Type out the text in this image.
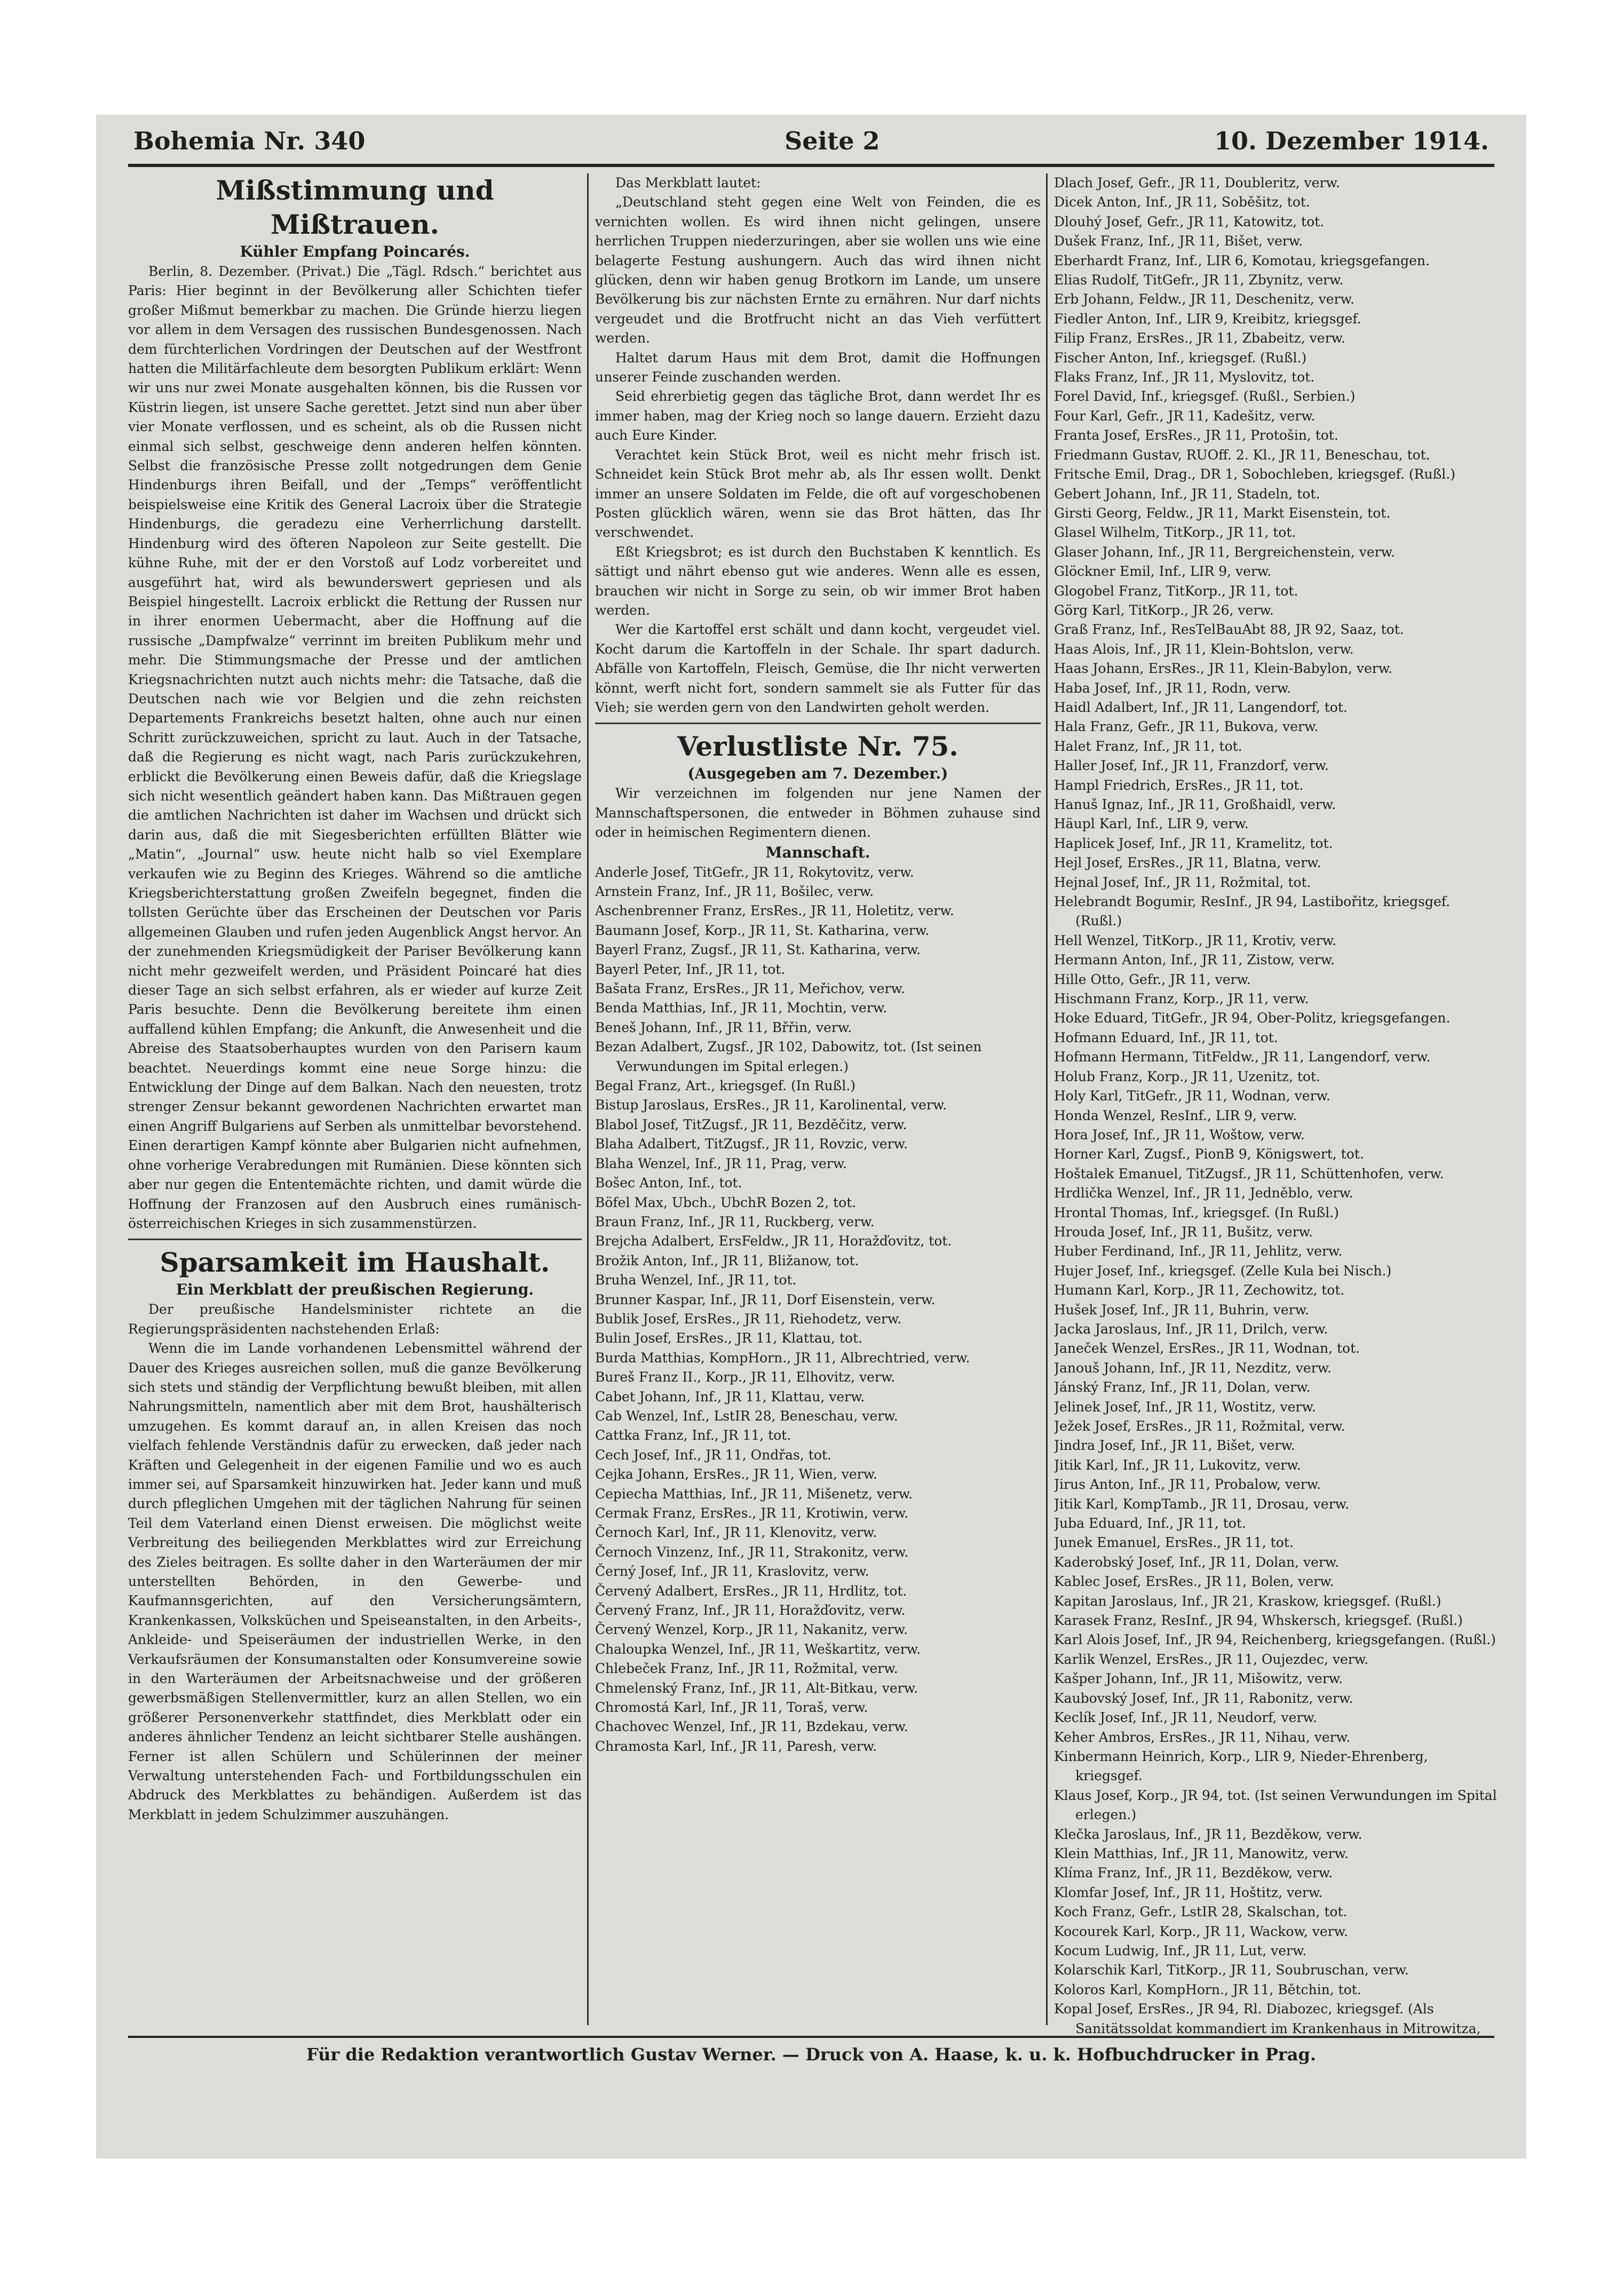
Bohemia Nr. 340	Seite 2	10. Dezember 1914.

Mißstimmung und Mißtrauen.

Kühler Empfang Poincarés.

Berlin, 8. Dezember. (Privat.) Die „Tägl. Rdsch.“ berichtet aus Paris: Hier beginnt in der Bevölkerung aller Schichten tiefer großer Mißmut bemerkbar zu machen. Die Gründe hierzu liegen vor allem in dem Versagen des russischen Bundesgenossen. Nach dem fürchterlichen Vordringen der Deutschen auf der Westfront hatten die Militärfachleute dem besorgten Publikum erklärt: Wenn wir uns nur zwei Monate ausgehalten können, bis die Russen vor Küstrin liegen, ist unsere Sache gerettet. Jetzt sind nun aber über vier Monate verflossen, und es scheint, als ob die Russen nicht einmal sich selbst, geschweige denn anderen helfen könnten. Selbst die französische Presse zollt notgedrungen dem Genie Hindenburgs ihren Beifall, und der „Temps“ veröffentlicht beispielsweise eine Kritik des General Lacroix über die Strategie Hindenburgs, die geradezu eine Verherrlichung darstellt. Hindenburg wird des öfteren Napoleon zur Seite gestellt. Die kühne Ruhe, mit der er den Vorstoß auf Lodz vorbereitet und ausgeführt hat, wird als bewunderswert gepriesen und als Beispiel hingestellt. Lacroix erblickt die Rettung der Russen nur in ihrer enormen Uebermacht, aber die Hoffnung auf die russische „Dampfwalze“ verrinnt im breiten Publikum mehr und mehr. Die Stimmungsmache der Presse und der amtlichen Kriegsnachrichten nutzt auch nichts mehr: die Tatsache, daß die Deutschen nach wie vor Belgien und die zehn reichsten Departements Frankreichs besetzt halten, ohne auch nur einen Schritt zurückzuweichen, spricht zu laut. Auch in der Tatsache, daß die Regierung es nicht wagt, nach Paris zurückzukehren, erblickt die Bevölkerung einen Beweis dafür, daß die Kriegslage sich nicht wesentlich geändert haben kann. Das Mißtrauen gegen die amtlichen Nachrichten ist daher im Wachsen und drückt sich darin aus, daß die mit Siegesberichten erfüllten Blätter wie „Matin“, „Journal“ usw. heute nicht halb so viel Exemplare verkaufen wie zu Beginn des Krieges. Während so die amtliche Kriegsberichterstattung großen Zweifeln begegnet, finden die tollsten Gerüchte über das Erscheinen der Deutschen vor Paris allgemeinen Glauben und rufen jeden Augenblick Angst hervor. An der zunehmenden Kriegsmüdigkeit der Pariser Bevölkerung kann nicht mehr gezweifelt werden, und Präsident Poincaré hat dies dieser Tage an sich selbst erfahren, als er wieder auf kurze Zeit Paris besuchte. Denn die Bevölkerung bereitete ihm einen auffallend kühlen Empfang; die Ankunft, die Anwesenheit und die Abreise des Staatsoberhauptes wurden von den Parisern kaum beachtet. Neuerdings kommt eine neue Sorge hinzu: die Entwicklung der Dinge auf dem Balkan. Nach den neuesten, trotz strenger Zensur bekannt gewordenen Nachrichten erwartet man einen Angriff Bulgariens auf Serben als unmittelbar bevorstehend. Einen derartigen Kampf könnte aber Bulgarien nicht aufnehmen, ohne vorherige Verabredungen mit Rumänien. Diese könnten sich aber nur gegen die Ententemächte richten, und damit würde die Hoffnung der Franzosen auf den Ausbruch eines rumänisch-österreichischen Krieges in sich zusammenstürzen.

Sparsamkeit im Haushalt.

Ein Merkblatt der preußischen Regierung.

Der preußische Handelsminister richtete an die Regierungspräsidenten nachstehenden Erlaß:

Wenn die im Lande vorhandenen Lebensmittel während der Dauer des Krieges ausreichen sollen, muß die ganze Bevölkerung sich stets und ständig der Verpflichtung bewußt bleiben, mit allen Nahrungsmitteln, namentlich aber mit dem Brot, haushälterisch umzugehen. Es kommt darauf an, in allen Kreisen das noch vielfach fehlende Verständnis dafür zu erwecken, daß jeder nach Kräften und Gelegenheit in der eigenen Familie und wo es auch immer sei, auf Sparsamkeit hinzuwirken hat. Jeder kann und muß durch pfleglichen Umgehen mit der täglichen Nahrung für seinen Teil dem Vaterland einen Dienst erweisen. Die möglichst weite Verbreitung des beiliegenden Merkblattes wird zur Erreichung des Zieles beitragen. Es sollte daher in den Warteräumen der mir unterstellten Behörden, in den Gewerbe- und Kaufmannsgerichten, auf den Versicherungsämtern, Krankenkassen, Volksküchen und Speiseanstalten, in den Arbeits-, Ankleide- und Speiseräumen der industriellen Werke, in den Verkaufsräumen der Konsumanstalten oder Konsumvereine sowie in den Warteräumen der Arbeitsnachweise und der größeren gewerbsmäßigen Stellenvermittler, kurz an allen Stellen, wo ein größerer Personenverkehr stattfindet, dies Merkblatt oder ein anderes ähnlicher Tendenz an leicht sichtbarer Stelle aushängen. Ferner ist allen Schülern und Schülerinnen der meiner Verwaltung unterstehenden Fach- und Fortbildungsschulen ein Abdruck des Merkblattes zu behändigen. Außerdem ist das Merkblatt in jedem Schulzimmer auszuhängen.

Das Merkblatt lautet:

„Deutschland steht gegen eine Welt von Feinden, die es vernichten wollen. Es wird ihnen nicht gelingen, unsere herrlichen Truppen niederzuringen, aber sie wollen uns wie eine belagerte Festung aushungern. Auch das wird ihnen nicht glücken, denn wir haben genug Brotkorn im Lande, um unsere Bevölkerung bis zur nächsten Ernte zu ernähren. Nur darf nichts vergeudet und die Brotfrucht nicht an das Vieh verfüttert werden.

Haltet darum Haus mit dem Brot, damit die Hoffnungen unserer Feinde zuschanden werden.

Seid ehrerbietig gegen das tägliche Brot, dann werdet Ihr es immer haben, mag der Krieg noch so lange dauern. Erzieht dazu auch Eure Kinder.

Verachtet kein Stück Brot, weil es nicht mehr frisch ist. Schneidet kein Stück Brot mehr ab, als Ihr essen wollt. Denkt immer an unsere Soldaten im Felde, die oft auf vorgeschobenen Posten glücklich wären, wenn sie das Brot hätten, das Ihr verschwendet.

Eßt Kriegsbrot; es ist durch den Buchstaben K kenntlich. Es sättigt und nährt ebenso gut wie anderes. Wenn alle es essen, brauchen wir nicht in Sorge zu sein, ob wir immer Brot haben werden.

Wer die Kartoffel erst schält und dann kocht, vergeudet viel. Kocht darum die Kartoffeln in der Schale. Ihr spart dadurch. Abfälle von Kartoffeln, Fleisch, Gemüse, die Ihr nicht verwerten könnt, werft nicht fort, sondern sammelt sie als Futter für das Vieh; sie werden gern von den Landwirten geholt werden.

Verlustliste Nr. 75.

(Ausgegeben am 7. Dezember.)

Wir verzeichnen im folgenden nur jene Namen der Mannschaftspersonen, die entweder in Böhmen zuhause sind oder in heimischen Regimentern dienen.

Mannschaft.

Anderle Josef, TitGefr., JR 11, Rokytovitz, verw.

Arnstein Franz, Inf., JR 11, Bošilec, verw.

Aschenbrenner Franz, ErsRes., JR 11, Holetitz, verw.

Baumann Josef, Korp., JR 11, St. Katharina, verw.

Bayerl Franz, Zugsf., JR 11, St. Katharina, verw.

Bayerl Peter, Inf., JR 11, tot.

Bašata Franz, ErsRes., JR 11, Meřichov, verw.

Benda Matthias, Inf., JR 11, Mochtin, verw.

Beneš Johann, Inf., JR 11, Břřin, verw.

Bezan Adalbert, Zugsf., JR 102, Dabowitz, tot. (Ist seinen Verwundungen im Spital erlegen.)

Begal Franz, Art., kriegsgef. (In Rußl.)

Bistup Jaroslaus, ErsRes., JR 11, Karolinental, verw.

Blabol Josef, TitZugsf., JR 11, Bezděčitz, verw.

Blaha Adalbert, TitZugsf., JR 11, Rovzic, verw.

Blaha Wenzel, Inf., JR 11, Prag, verw.

Bošec Anton, Inf., tot.

Böfel Max, Ubch., UbchR Bozen 2, tot.

Braun Franz, Inf., JR 11, Ruckberg, verw.

Brejcha Adalbert, ErsFeldw., JR 11, Horažďovitz, tot.

Brožik Anton, Inf., JR 11, Bližanow, tot.

Bruha Wenzel, Inf., JR 11, tot.

Brunner Kaspar, Inf., JR 11, Dorf Eisenstein, verw.

Bublik Josef, ErsRes., JR 11, Riehodetz, verw.

Bulin Josef, ErsRes., JR 11, Klattau, tot.

Burda Matthias, KompHorn., JR 11, Albrechtried, verw.

Bureš Franz II., Korp., JR 11, Elhovitz, verw.

Cabet Johann, Inf., JR 11, Klattau, verw.

Cab Wenzel, Inf., LstIR 28, Beneschau, verw.

Cattka Franz, Inf., JR 11, tot.

Cech Josef, Inf., JR 11, Ondřas, tot.

Cejka Johann, ErsRes., JR 11, Wien, verw.

Cepiecha Matthias, Inf., JR 11, Mišenetz, verw.

Cermak Franz, ErsRes., JR 11, Krotiwin, verw.

Černoch Karl, Inf., JR 11, Klenovitz, verw.

Černoch Vinzenz, Inf., JR 11, Strakonitz, verw.

Černý Josef, Inf., JR 11, Kraslovitz, verw.

Červený Adalbert, ErsRes., JR 11, Hrdlitz, tot.

Červený Franz, Inf., JR 11, Horažďovitz, verw.

Červený Wenzel, Korp., JR 11, Nakanitz, verw.

Chaloupka Wenzel, Inf., JR 11, Weškartitz, verw.

Chlebeček Franz, Inf., JR 11, Rožmital, verw.

Chmelenský Franz, Inf., JR 11, Alt-Bitkau, verw.

Chromostá Karl, Inf., JR 11, Toraš, verw.

Chachovec Wenzel, Inf., JR 11, Bzdekau, verw.

Chramosta Karl, Inf., JR 11, Paresh, verw.

Dlach Josef, Gefr., JR 11, Doubleritz, verw.

Dicek Anton, Inf., JR 11, Soběšitz, tot.

Dlouhý Josef, Gefr., JR 11, Katowitz, tot.

Dušek Franz, Inf., JR 11, Bišet, verw.

Eberhardt Franz, Inf., LIR 6, Komotau, kriegsgefangen.

Elias Rudolf, TitGefr., JR 11, Zbynitz, verw.

Erb Johann, Feldw., JR 11, Deschenitz, verw.

Fiedler Anton, Inf., LIR 9, Kreibitz, kriegsgef.

Filip Franz, ErsRes., JR 11, Zbabeitz, verw.

Fischer Anton, Inf., kriegsgef. (Rußl.)

Flaks Franz, Inf., JR 11, Myslovitz, tot.

Forel David, Inf., kriegsgef. (Rußl., Serbien.)

Four Karl, Gefr., JR 11, Kadešitz, verw.

Franta Josef, ErsRes., JR 11, Protošin, tot.

Friedmann Gustav, RUOff. 2. Kl., JR 11, Beneschau, tot.

Fritsche Emil, Drag., DR 1, Sobochleben, kriegsgef. (Rußl.)

Gebert Johann, Inf., JR 11, Stadeln, tot.

Girsti Georg, Feldw., JR 11, Markt Eisenstein, tot.

Glasel Wilhelm, TitKorp., JR 11, tot.

Glaser Johann, Inf., JR 11, Bergreichenstein, verw.

Glöckner Emil, Inf., LIR 9, verw.

Glogobel Franz, TitKorp., JR 11, tot.

Görg Karl, TitKorp., JR 26, verw.

Graß Franz, Inf., ResTelBauAbt 88, JR 92, Saaz, tot.

Haas Alois, Inf., JR 11, Klein-Bohtslon, verw.

Haas Johann, ErsRes., JR 11, Klein-Babylon, verw.

Haba Josef, Inf., JR 11, Rodn, verw.

Haidl Adalbert, Inf., JR 11, Langendorf, tot.

Hala Franz, Gefr., JR 11, Bukova, verw.

Halet Franz, Inf., JR 11, tot.

Haller Josef, Inf., JR 11, Franzdorf, verw.

Hampl Friedrich, ErsRes., JR 11, tot.

Hanuš Ignaz, Inf., JR 11, Großhaidl, verw.

Häupl Karl, Inf., LIR 9, verw.

Haplicek Josef, Inf., JR 11, Kramelitz, tot.

Hejl Josef, ErsRes., JR 11, Blatna, verw.

Hejnal Josef, Inf., JR 11, Rožmital, tot.

Helebrandt Bogumir, ResInf., JR 94, Lastibořitz, kriegsgef. (Rußl.)

Hell Wenzel, TitKorp., JR 11, Krotiv, verw.

Hermann Anton, Inf., JR 11, Zistow, verw.

Hille Otto, Gefr., JR 11, verw.

Hischmann Franz, Korp., JR 11, verw.

Hoke Eduard, TitGefr., JR 94, Ober-Politz, kriegsgefangen.

Hofmann Eduard, Inf., JR 11, tot.

Hofmann Hermann, TitFeldw., JR 11, Langendorf, verw.

Holub Franz, Korp., JR 11, Uzenitz, tot.

Holy Karl, TitGefr., JR 11, Wodnan, verw.

Honda Wenzel, ResInf., LIR 9, verw.

Hora Josef, Inf., JR 11, Woštow, verw.

Horner Karl, Zugsf., PionB 9, Königswert, tot.

Hoštalek Emanuel, TitZugsf., JR 11, Schüttenhofen, verw.

Hrdlička Wenzel, Inf., JR 11, Jedněblo, verw.

Hrontal Thomas, Inf., kriegsgef. (In Rußl.)

Hrouda Josef, Inf., JR 11, Bušitz, verw.

Huber Ferdinand, Inf., JR 11, Jehlitz, verw.

Hujer Josef, Inf., kriegsgef. (Zelle Kula bei Nisch.)

Humann Karl, Korp., JR 11, Zechowitz, tot.

Hušek Josef, Inf., JR 11, Buhrin, verw.

Jacka Jaroslaus, Inf., JR 11, Drilch, verw.

Janeček Wenzel, ErsRes., JR 11, Wodnan, tot.

Janouš Johann, Inf., JR 11, Nezditz, verw.

Jánský Franz, Inf., JR 11, Dolan, verw.

Jelinek Josef, Inf., JR 11, Wostitz, verw.

Ježek Josef, ErsRes., JR 11, Rožmital, verw.

Jindra Josef, Inf., JR 11, Bišet, verw.

Jitik Karl, Inf., JR 11, Lukovitz, verw.

Jirus Anton, Inf., JR 11, Probalow, verw.

Jitik Karl, KompTamb., JR 11, Drosau, verw.

Juba Eduard, Inf., JR 11, tot.

Junek Emanuel, ErsRes., JR 11, tot.

Kaderobský Josef, Inf., JR 11, Dolan, verw.

Kablec Josef, ErsRes., JR 11, Bolen, verw.

Kapitan Jaroslaus, Inf., JR 21, Kraskow, kriegsgef. (Rußl.)

Karasek Franz, ResInf., JR 94, Whskersch, kriegsgef. (Rußl.)

Karl Alois Josef, Inf., JR 94, Reichenberg, kriegsgefangen. (Rußl.)

Karlik Wenzel, ErsRes., JR 11, Oujezdec, verw.

Kašper Johann, Inf., JR 11, Mišowitz, verw.

Kaubovský Josef, Inf., JR 11, Rabonitz, verw.

Keclík Josef, Inf., JR 11, Neudorf, verw.

Keher Ambros, ErsRes., JR 11, Nihau, verw.

Kinbermann Heinrich, Korp., LIR 9, Nieder-Ehrenberg, kriegsgef.

Klaus Josef, Korp., JR 94, tot. (Ist seinen Verwundungen im Spital erlegen.)

Klečka Jaroslaus, Inf., JR 11, Bezděkow, verw.

Klein Matthias, Inf., JR 11, Manowitz, verw.

Klíma Franz, Inf., JR 11, Bezděkow, verw.

Klomfar Josef, Inf., JR 11, Hoštitz, verw.

Koch Franz, Gefr., LstIR 28, Skalschan, tot.

Kocourek Karl, Korp., JR 11, Wackow, verw.

Kocum Ludwig, Inf., JR 11, Lut, verw.

Kolarschik Karl, TitKorp., JR 11, Soubruschan, verw.

Koloros Karl, KompHorn., JR 11, Bětchin, tot.

Kopal Josef, ErsRes., JR 94, Rl. Diabozec, kriegsgef. (Als Sanitätssoldat kommandiert im Krankenhaus in Mitrowitza,

Für die Redaktion verantwortlich Gustav Werner. — Druck von A. Haase, k. u. k. Hofbuchdrucker in Prag.
